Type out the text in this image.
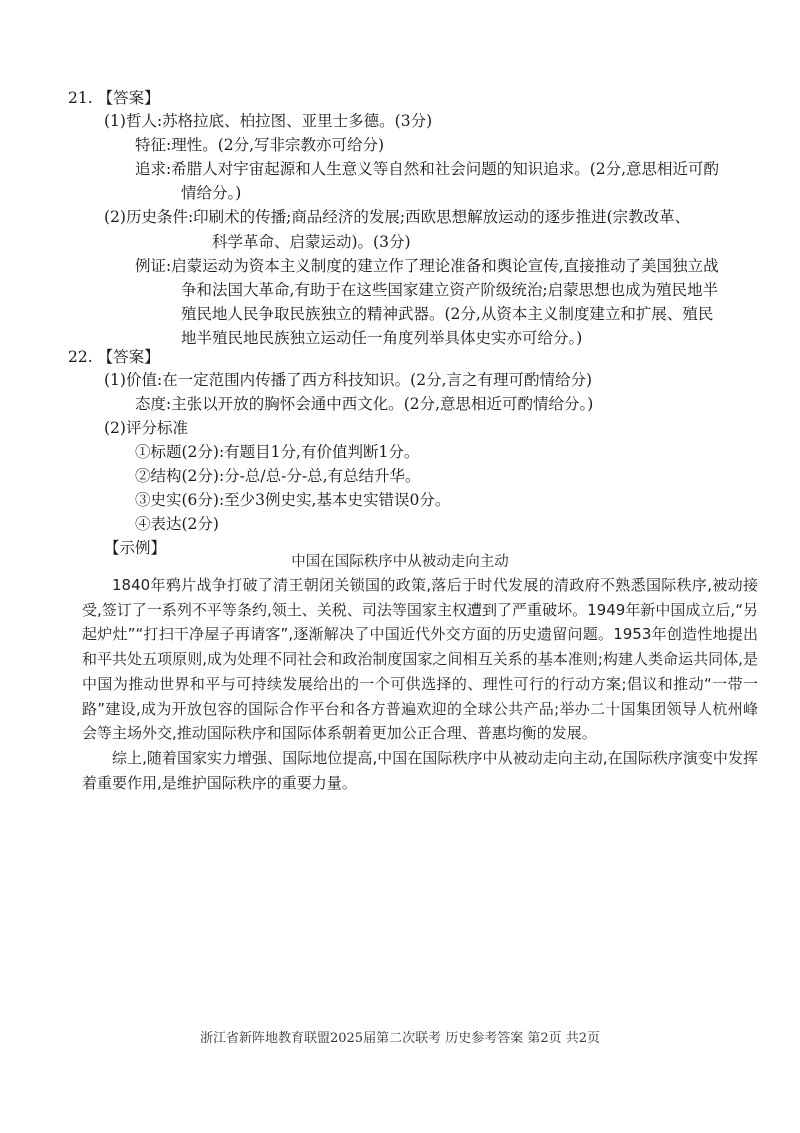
21. 【答案】
(1)哲人:苏格拉底、柏拉图、亚里士多德。(3分)
特征:理性。(2分,写非宗教亦可给分)
追求:希腊人对宇宙起源和人生意义等自然和社会问题的知识追求。(2分,意思相近可酌
情给分。)
(2)历史条件:印刷术的传播;商品经济的发展;西欧思想解放运动的逐步推进(宗教改革、
科学革命、启蒙运动)。(3分)
例证:启蒙运动为资本主义制度的建立作了理论准备和舆论宣传,直接推动了美国独立战
争和法国大革命,有助于在这些国家建立资产阶级统治;启蒙思想也成为殖民地半
殖民地人民争取民族独立的精神武器。(2分,从资本主义制度建立和扩展、殖民
地半殖民地民族独立运动任一角度列举具体史实亦可给分。)
22. 【答案】
(1)价值:在一定范围内传播了西方科技知识。(2分,言之有理可酌情给分)
态度:主张以开放的胸怀会通中西文化。(2分,意思相近可酌情给分。)
(2)评分标准
①标题(2分):有题目1分,有价值判断1分。
②结构(2分):分-总/总-分-总,有总结升华。
③史实(6分):至少3例史实,基本史实错误0分。
④表达(2分)
【示例】
中国在国际秩序中从被动走向主动

1840年鸦片战争打破了清王朝闭关锁国的政策,落后于时代发展的清政府不熟悉国际秩序,被动接受,签订了一系列不平等条约,领土、关税、司法等国家主权遭到了严重破坏。1949年新中国成立后,“另起炉灶”“打扫干净屋子再请客”,逐渐解决了中国近代外交方面的历史遗留问题。1953年创造性地提出和平共处五项原则,成为处理不同社会和政治制度国家之间相互关系的基本准则;构建人类命运共同体,是中国为推动世界和平与可持续发展给出的一个可供选择的、理性可行的行动方案;倡议和推动“一带一路”建设,成为开放包容的国际合作平台和各方普遍欢迎的全球公共产品;举办二十国集团领导人杭州峰会等主场外交,推动国际秩序和国际体系朝着更加公正合理、普惠均衡的发展。

综上,随着国家实力增强、国际地位提高,中国在国际秩序中从被动走向主动,在国际秩序演变中发挥着重要作用,是维护国际秩序的重要力量。

浙江省新阵地教育联盟2025届第二次联考 历史参考答案 第2页 共2页
